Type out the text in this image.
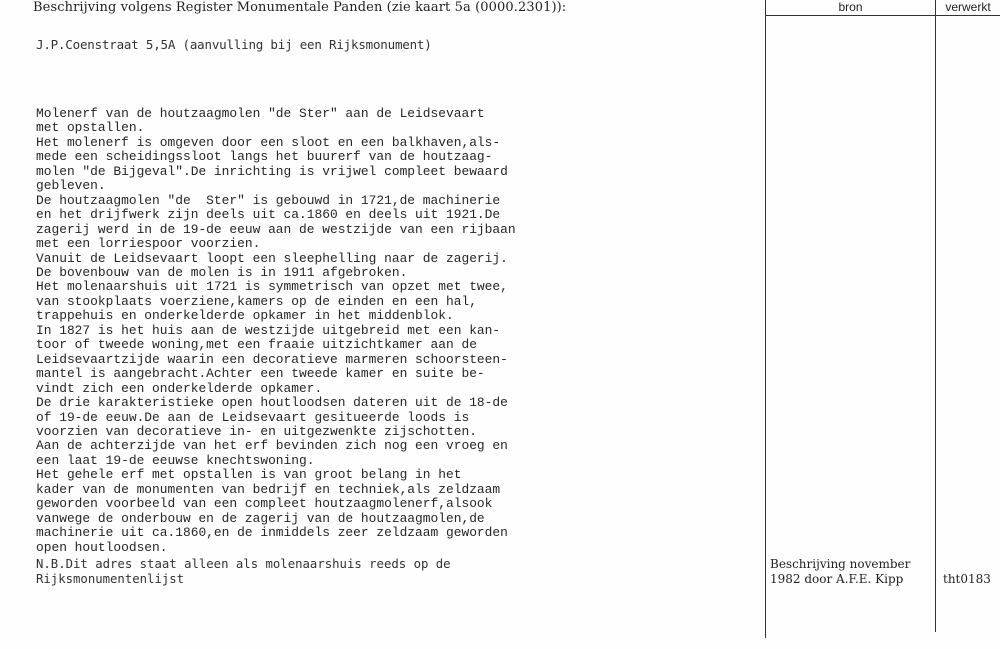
Beschrijving volgens Register Monumentale Panden (zie kaart 5a (0000.2301)):
J.P.Coenstraat 5,5A (aanvulling bij een Rijksmonument)
Molenerf van de houtzaagmolen "de Ster" aan de Leidsevaart
met opstallen.
Het molenerf is omgeven door een sloot en een balkhaven,als-
mede een scheidingssloot langs het buurerf van de houtzaag-
molen "de Bijgeval".De inrichting is vrijwel compleet bewaard
gebleven.
De houtzaagmolen "de  Ster" is gebouwd in 1721,de machinerie
en het drijfwerk zijn deels uit ca.1860 en deels uit 1921.De
zagerij werd in de 19-de eeuw aan de westzijde van een rijbaan
met een lorriespoor voorzien.
Vanuit de Leidsevaart loopt een sleephelling naar de zagerij.
De bovenbouw van de molen is in 1911 afgebroken.
Het molenaarshuis uit 1721 is symmetrisch van opzet met twee,
van stookplaats voerziene,kamers op de einden en een hal,
trappehuis en onderkelderde opkamer in het middenblok.
In 1827 is het huis aan de westzijde uitgebreid met een kan-
toor of tweede woning,met een fraaie uitzichtkamer aan de
Leidsevaartzijde waarin een decoratieve marmeren schoorsteen-
mantel is aangebracht.Achter een tweede kamer en suite be-
vindt zich een onderkelderde opkamer.
De drie karakteristieke open houtloodsen dateren uit de 18-de
of 19-de eeuw.De aan de Leidsevaart gesitueerde loods is
voorzien van decoratieve in- en uitgezwenkte zijschotten.
Aan de achterzijde van het erf bevinden zich nog een vroeg en
een laat 19-de eeuwse knechtswoning.
Het gehele erf met opstallen is van groot belang in het
kader van de monumenten van bedrijf en techniek,als zeldzaam
geworden voorbeeld van een compleet houtzaagmolenerf,alsook
vanwege de onderbouw en de zagerij van de houtzaagmolen,de
machinerie uit ca.1860,en de inmiddels zeer zeldzaam geworden
open houtloodsen.
N.B.Dit adres staat alleen als molenaarshuis reeds op de
Rijksmonumentenlijst
bron	verwerkt
Beschrijving november
1982 door A.F.E. Kipp	tht0183
